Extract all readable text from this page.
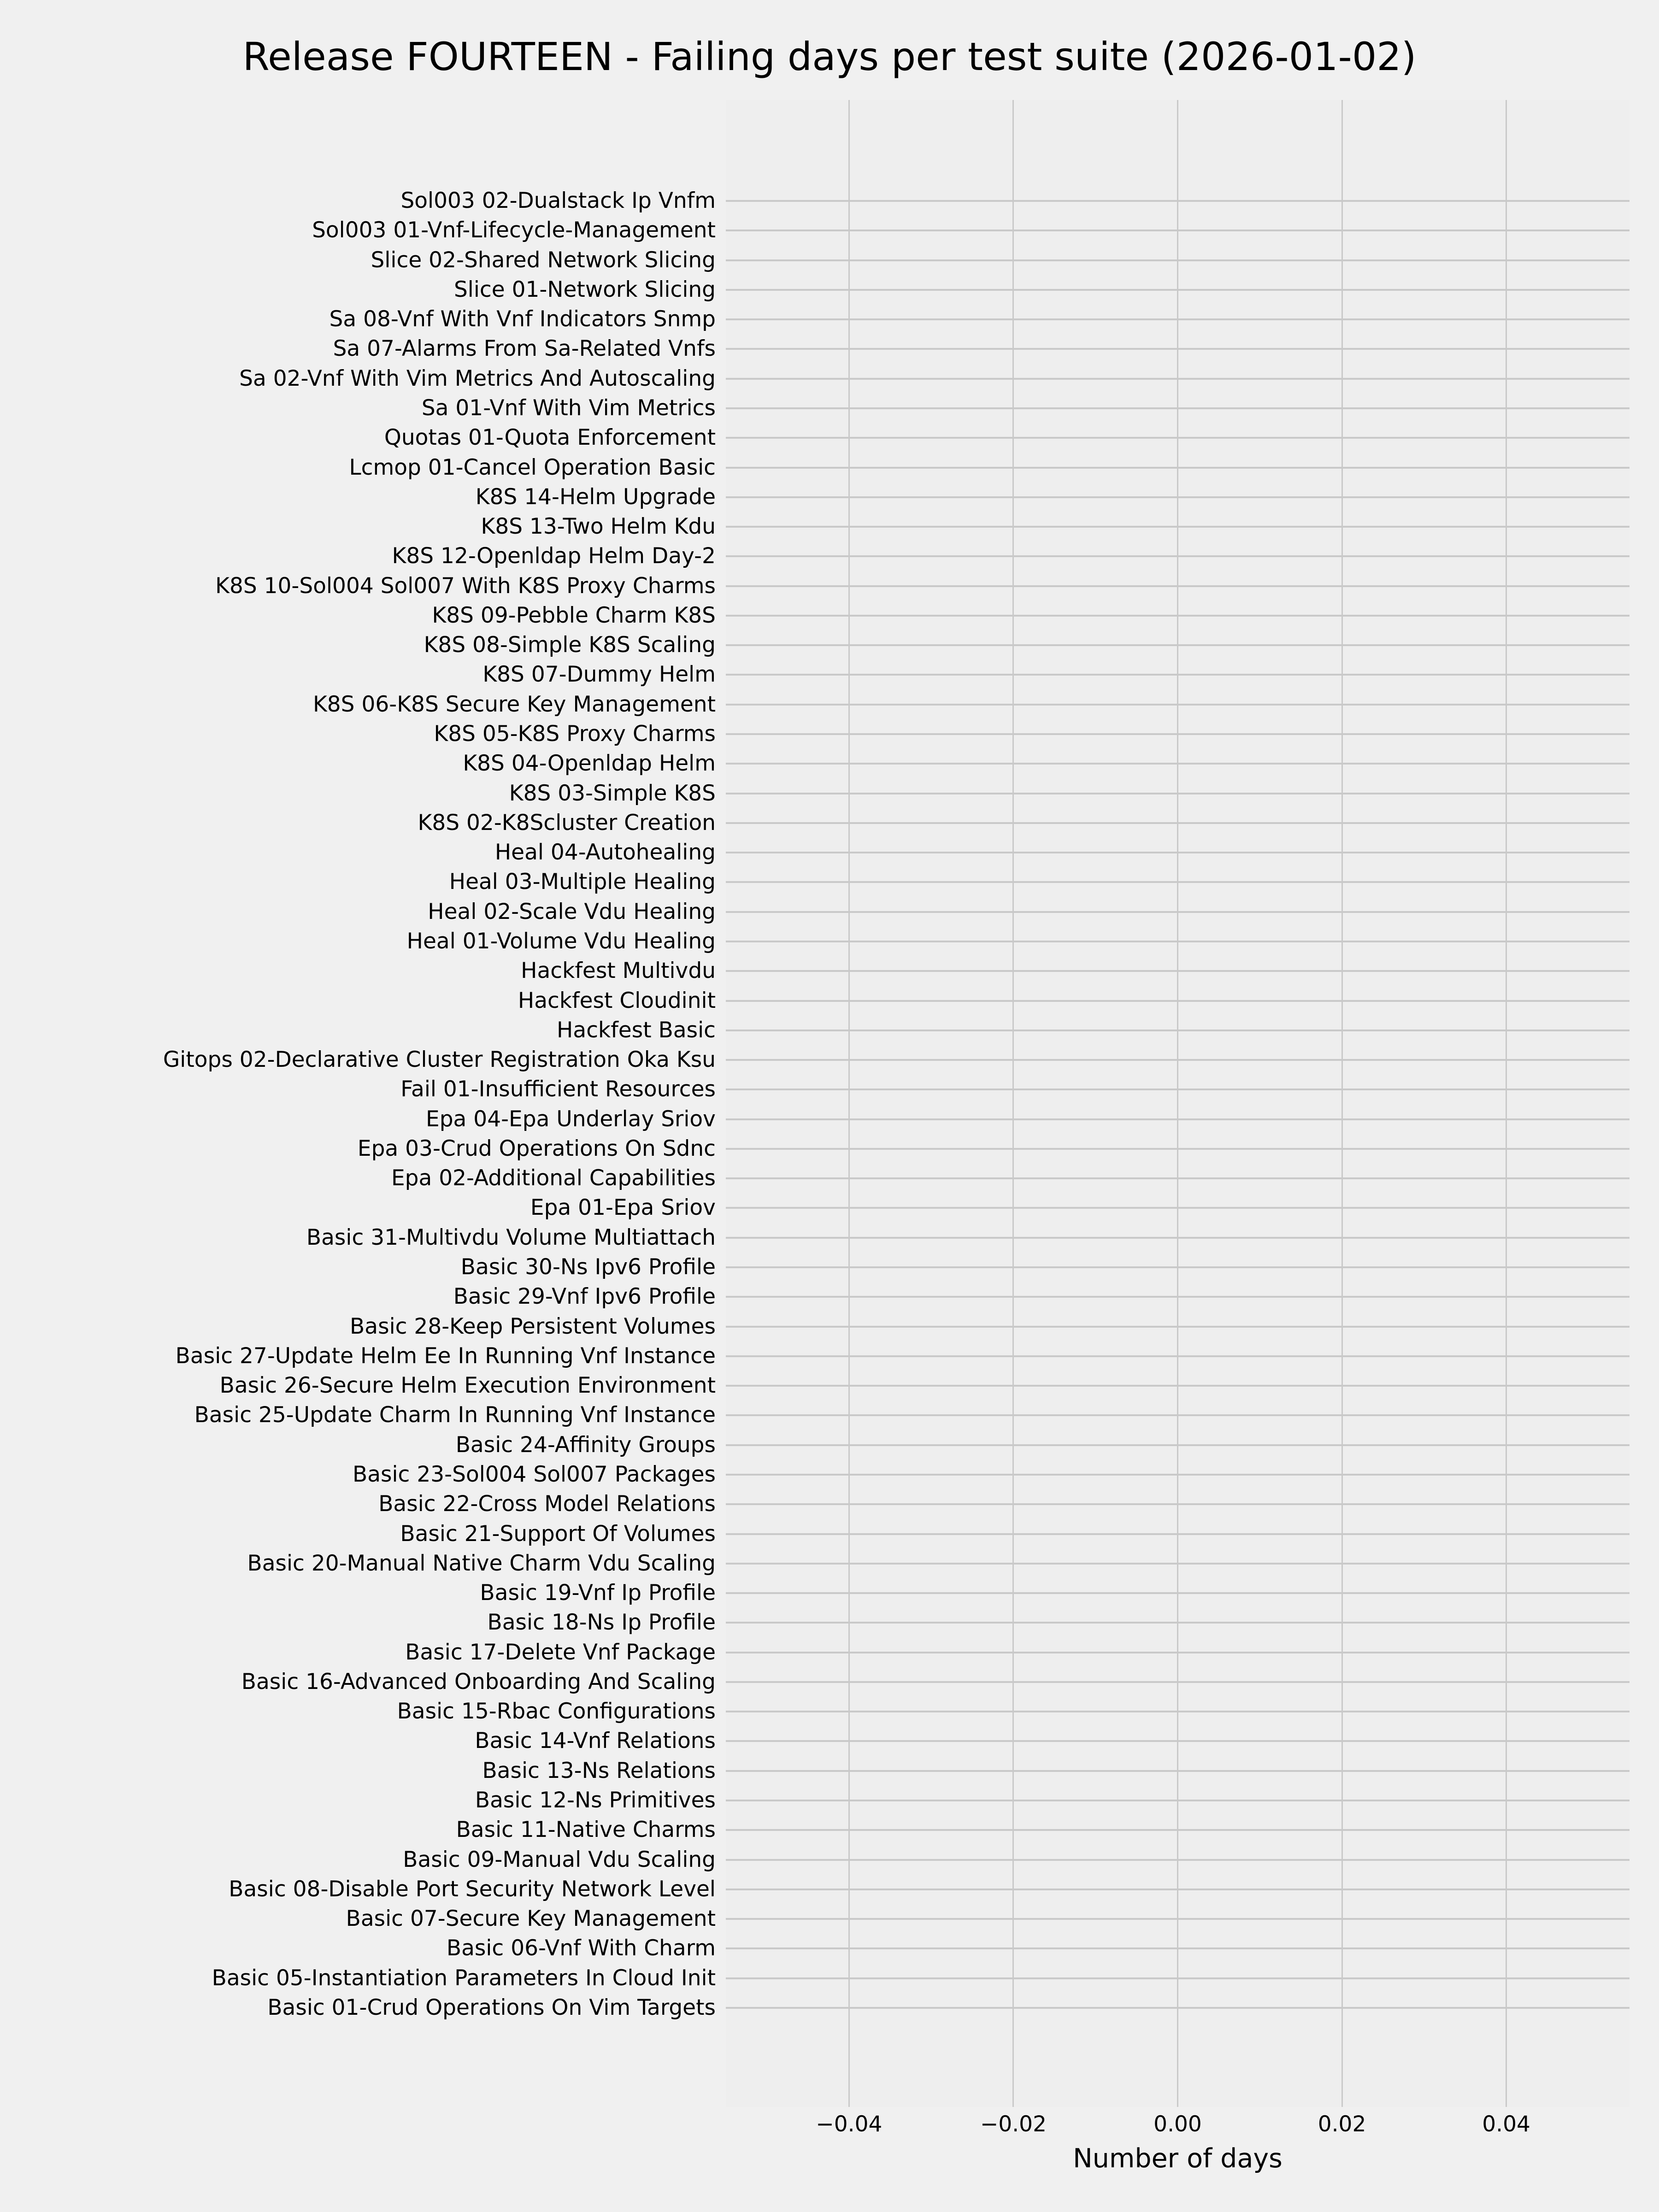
Release FOURTEEN - Failing days per test suite (2026-01-02)
Sol003 02-Dualstack Ip Vnfm
Sol003 01-Vnf-Lifecycle-Management
Slice 02-Shared Network Slicing
Slice 01-Network Slicing
Sa 08-Vnf With Vnf Indicators Snmp
Sa 07-Alarms From Sa-Related Vnfs
Sa 02-Vnf With Vim Metrics And Autoscaling
Sa 01-Vnf With Vim Metrics
Quotas 01-Quota Enforcement
Lcmop 01-Cancel Operation Basic
K8S 14-Helm Upgrade
K8S 13-Two Helm Kdu
K8S 12-Openldap Helm Day-2
K8S 10-Sol004 Sol007 With K8S Proxy Charms
K8S 09-Pebble Charm K8S
K8S 08-Simple K8S Scaling
K8S 07-Dummy Helm
K8S 06-K8S Secure Key Management
K8S 05-K8S Proxy Charms
K8S 04-Openldap Helm
K8S 03-Simple K8S
K8S 02-K8Scluster Creation
Heal 04-Autohealing
Heal 03-Multiple Healing
Heal 02-Scale Vdu Healing
Heal 01-Volume Vdu Healing
Hackfest Multivdu
Hackfest Cloudinit
Hackfest Basic
Gitops 02-Declarative Cluster Registration Oka Ksu
Fail 01-Insufficient Resources
Epa 04-Epa Underlay Sriov
Epa 03-Crud Operations On Sdnc
Epa 02-Additional Capabilities
Epa 01-Epa Sriov
Basic 31-Multivdu Volume Multiattach
Basic 30-Ns Ipv6 Profile
Basic 29-Vnf Ipv6 Profile
Basic 28-Keep Persistent Volumes
Basic 27-Update Helm Ee In Running Vnf Instance
Basic 26-Secure Helm Execution Environment
Basic 25-Update Charm In Running Vnf Instance
Basic 24-Affinity Groups
Basic 23-Sol004 Sol007 Packages
Basic 22-Cross Model Relations
Basic 21-Support Of Volumes
Basic 20-Manual Native Charm Vdu Scaling
Basic 19-Vnf Ip Profile
Basic 18-Ns Ip Profile
Basic 17-Delete Vnf Package
Basic 16-Advanced Onboarding And Scaling
Basic 15-Rbac Configurations
Basic 14-Vnf Relations
Basic 13-Ns Relations
Basic 12-Ns Primitives
Basic 11-Native Charms
Basic 09-Manual Vdu Scaling
Basic 08-Disable Port Security Network Level
Basic 07-Secure Key Management
Basic 06-Vnf With Charm
Basic 05-Instantiation Parameters In Cloud Init
Basic 01-Crud Operations On Vim Targets
−0.04	−0.02	0.00	0.02	0.04
Number of days
